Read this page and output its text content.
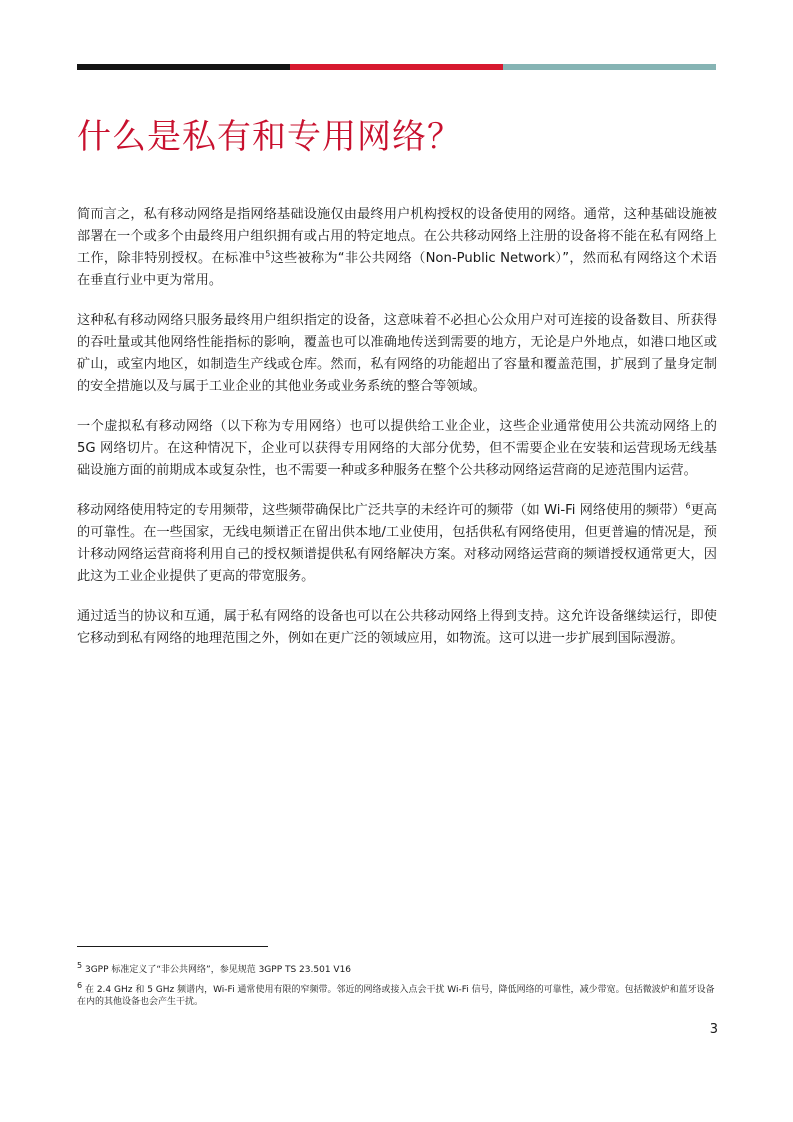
什么是私有和专用网络？

简而言之，私有移动网络是指网络基础设施仅由最终用户机构授权的设备使用的网络。通常，这种基础设施被部署在一个或多个由最终用户组织拥有或占用的特定地点。在公共移动网络上注册的设备将不能在私有网络上工作，除非特别授权。在标准中$^5$这些被称为“非公共网络（Non-Public Network）”，然而私有网络这个术语在垂直行业中更为常用。

这种私有移动网络只服务最终用户组织指定的设备，这意味着不必担心公众用户对可连接的设备数目、所获得的吞吐量或其他网络性能指标的影响，覆盖也可以准确地传送到需要的地方，无论是户外地点，如港口地区或矿山，或室内地区，如制造生产线或仓库。然而，私有网络的功能超出了容量和覆盖范围，扩展到了量身定制的安全措施以及与属于工业企业的其他业务或业务系统的整合等领域。

一个虚拟私有移动网络（以下称为专用网络）也可以提供给工业企业，这些企业通常使用公共流动网络上的 5G 网络切片。在这种情况下，企业可以获得专用网络的大部分优势，但不需要企业在安装和运营现场无线基础设施方面的前期成本或复杂性，也不需要一种或多种服务在整个公共移动网络运营商的足迹范围内运营。

移动网络使用特定的专用频带，这些频带确保比广泛共享的未经许可的频带（如 Wi-Fi 网络使用的频带）$^6$更高的可靠性。在一些国家，无线电频谱正在留出供本地/工业使用，包括供私有网络使用，但更普遍的情况是，预计移动网络运营商将利用自己的授权频谱提供私有网络解决方案。对移动网络运营商的频谱授权通常更大，因此这为工业企业提供了更高的带宽服务。

通过适当的协议和互通，属于私有网络的设备也可以在公共移动网络上得到支持。这允许设备继续运行，即使它移动到私有网络的地理范围之外，例如在更广泛的领域应用，如物流。这可以进一步扩展到国际漫游。

$^5$ 3GPP 标准定义了“非公共网络”，参见规范 3GPP TS 23.501 V16

$^6$ 在 2.4 GHz 和 5 GHz 频谱内，Wi-Fi 通常使用有限的窄频带。邻近的网络或接入点会干扰 Wi-Fi 信号，降低网络的可靠性，减少带宽。包括微波炉和蓝牙设备在内的其他设备也会产生干扰。

3
